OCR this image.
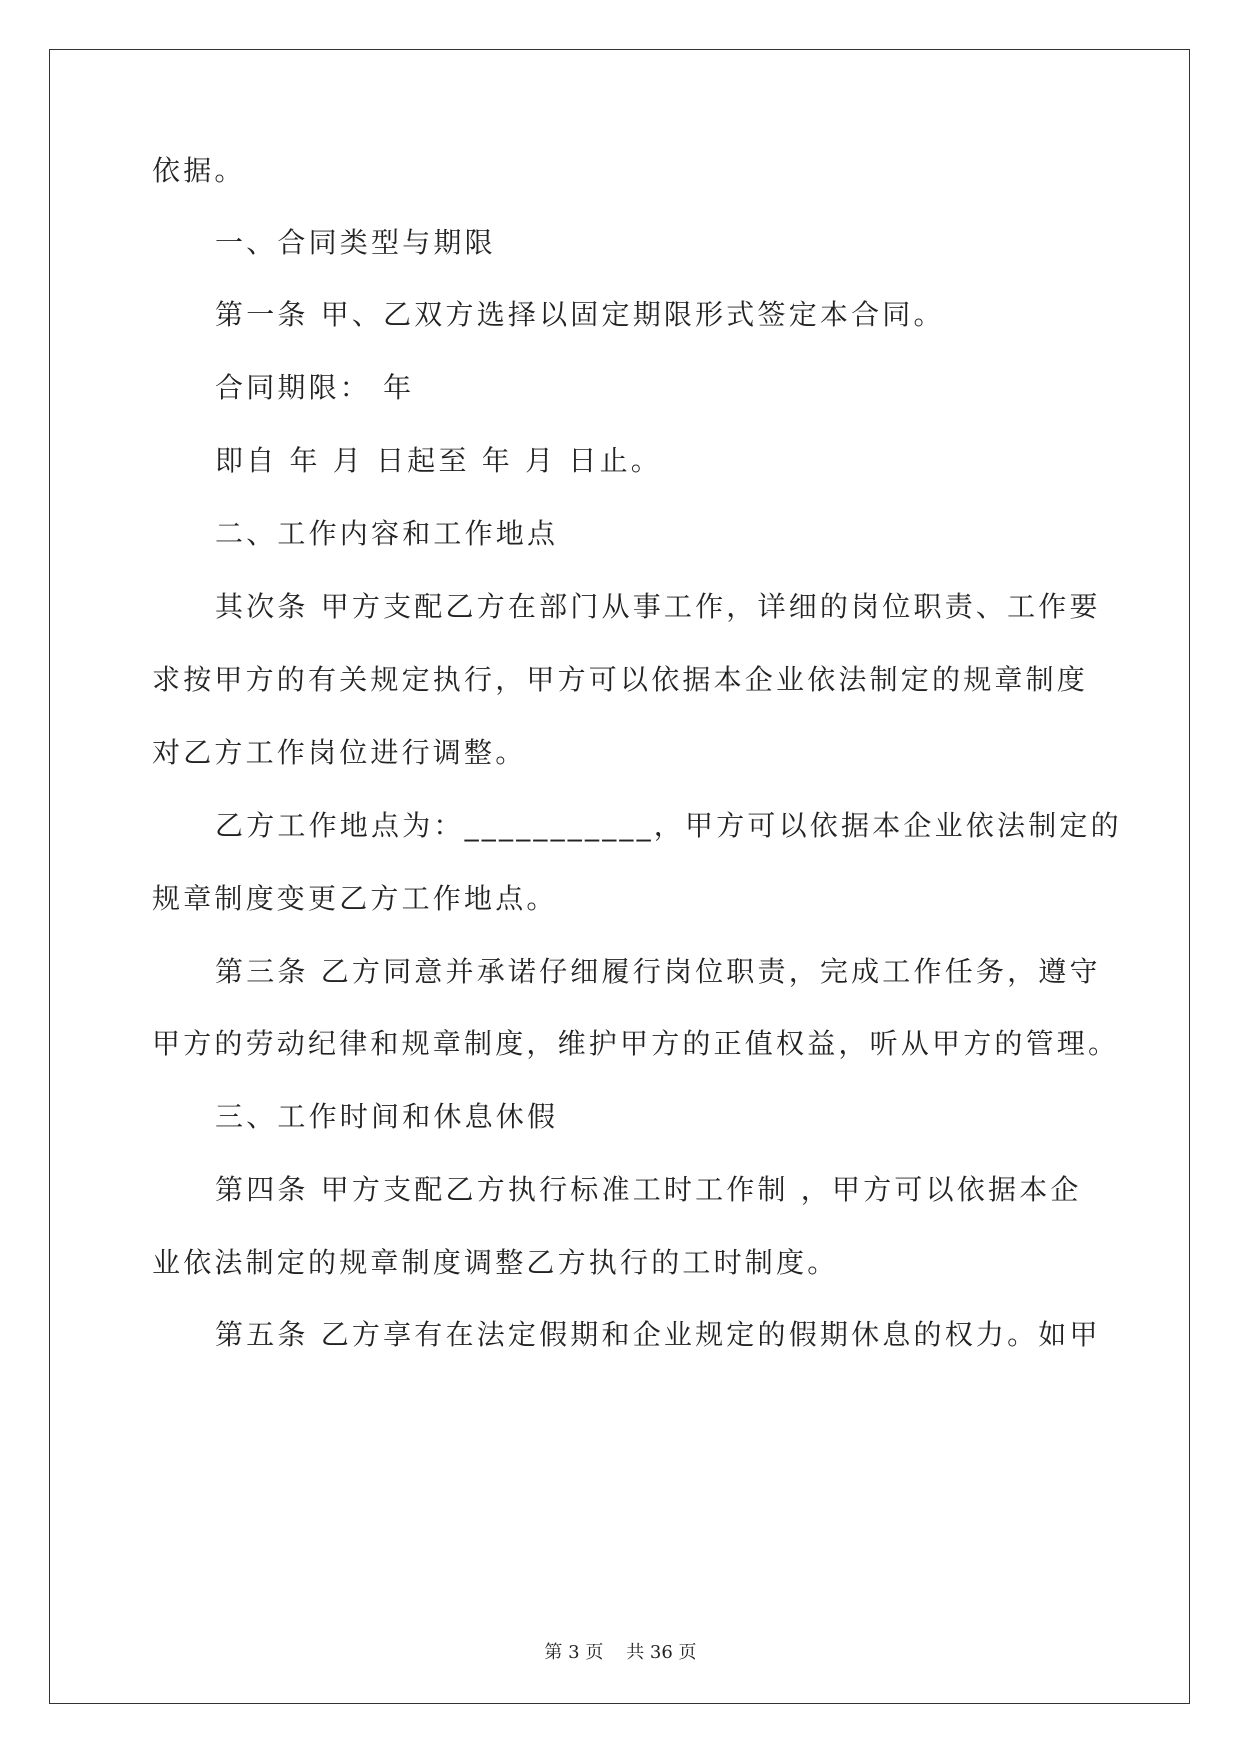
依据。
一、合同类型与期限
第一条 甲、乙双方选择以固定期限形式签定本合同。
合同期限： 年
即自 年 月 日起至 年 月 日止。
二、工作内容和工作地点
其次条 甲方支配乙方在部门从事工作，详细的岗位职责、工作要
求按甲方的有关规定执行，甲方可以依据本企业依法制定的规章制度
对乙方工作岗位进行调整。
乙方工作地点为：___________，甲方可以依据本企业依法制定的
规章制度变更乙方工作地点。
第三条 乙方同意并承诺仔细履行岗位职责，完成工作任务，遵守
甲方的劳动纪律和规章制度，维护甲方的正值权益，听从甲方的管理。
三、工作时间和休息休假
第四条 甲方支配乙方执行标准工时工作制 ，甲方可以依据本企
业依法制定的规章制度调整乙方执行的工时制度。
第五条 乙方享有在法定假期和企业规定的假期休息的权力。如甲
第 3 页    共 36 页
